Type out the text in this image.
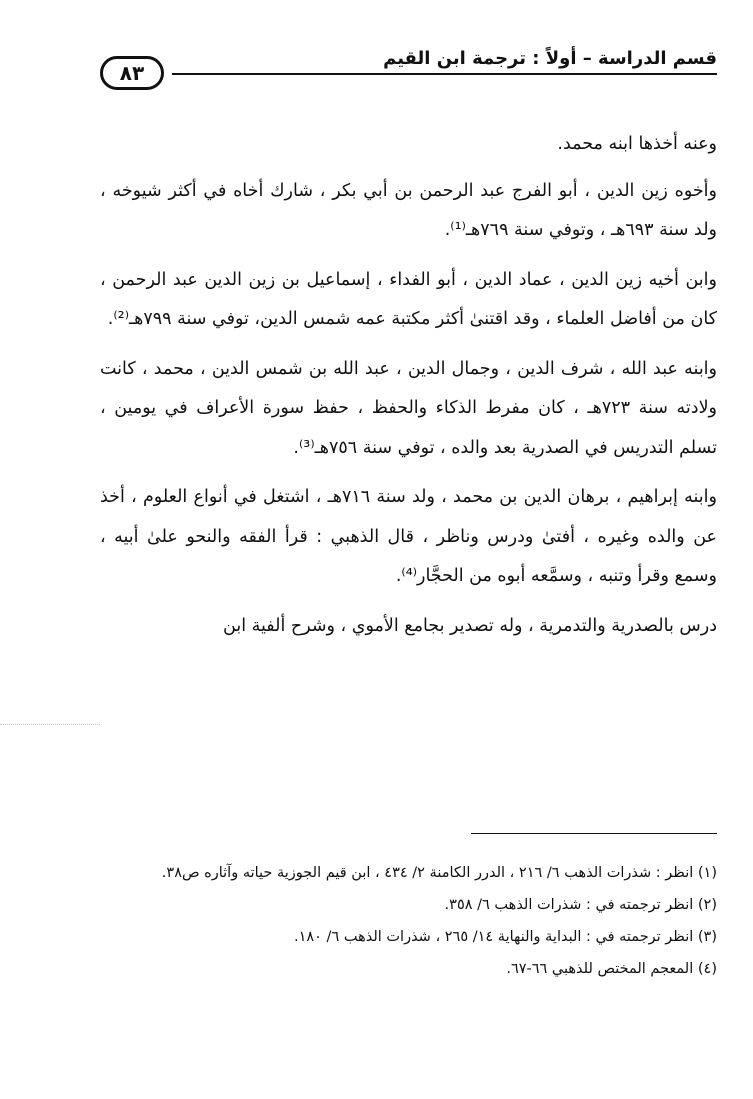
قسم الدراسة – أولاً : ترجمة ابن القيم
٨٣

وعنه أخذها ابنه محمد.

وأخوه زين الدين ، أبو الفرج عبد الرحمن بن أبي بكر ، شارك أخاه في أكثر شيوخه ، ولد سنة ٦٩٣هـ ، وتوفي سنة ٧٦٩هـ⁽¹⁾.

وابن أخيه زين الدين ، عماد الدين ، أبو الفداء ، إسماعيل بن زين الدين عبد الرحمن ، كان من أفاضل العلماء ، وقد اقتنىٰ أكثر مكتبة عمه شمس الدين، توفي سنة ٧٩٩هـ⁽²⁾.

وابنه عبد الله ، شرف الدين ، وجمال الدين ، عبد الله بن شمس الدين ، محمد ، كانت ولادته سنة ٧٢٣هـ ، كان مفرط الذكاء والحفظ ، حفظ سورة الأعراف في يومين ، تسلم التدريس في الصدرية بعد والده ، توفي سنة ٧٥٦هـ⁽³⁾.

وابنه إبراهيم ، برهان الدين بن محمد ، ولد سنة ٧١٦هـ ، اشتغل في أنواع العلوم ، أخذ عن والده وغيره ، أفتىٰ ودرس وناظر ، قال الذهبي : قرأ الفقه والنحو علىٰ أبيه ، وسمع وقرأ وتنبه ، وسمَّعه أبوه من الحجَّار⁽⁴⁾.

درس بالصدرية والتدمرية ، وله تصدير بجامع الأموي ، وشرح ألفية ابن

(١) انظر : شذرات الذهب ٦/ ٢١٦ ، الدرر الكامنة ٢/ ٤٣٤ ، ابن قيم الجوزية حياته وآثاره ص٣٨.

(٢) انظر ترجمته في : شذرات الذهب ٦/ ٣٥٨.

(٣) انظر ترجمته في : البداية والنهاية ١٤/ ٢٦٥ ، شذرات الذهب ٦/ ١٨٠.

(٤) المعجم المختص للذهبي ٦٦-٦٧.
